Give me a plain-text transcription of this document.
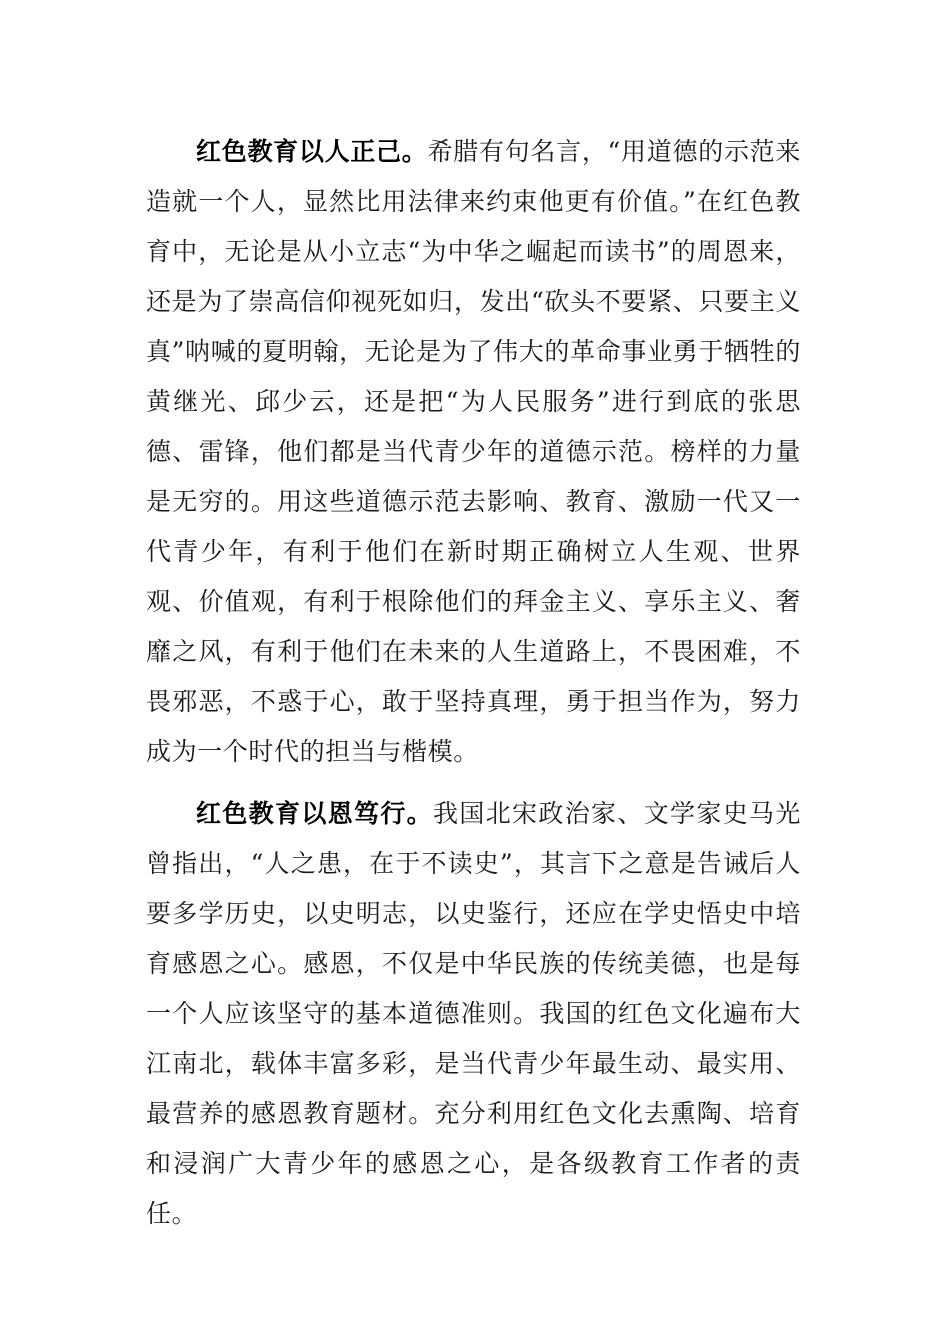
红色教育以人正己。希腊有句名言，“用道德的示范来造就一个人，显然比用法律来约束他更有价值。”在红色教育中，无论是从小立志“为中华之崛起而读书”的周恩来，还是为了崇高信仰视死如归，发出“砍头不要紧、只要主义真”呐喊的夏明翰，无论是为了伟大的革命事业勇于牺牲的黄继光、邱少云，还是把“为人民服务”进行到底的张思德、雷锋，他们都是当代青少年的道德示范。榜样的力量是无穷的。用这些道德示范去影响、教育、激励一代又一代青少年，有利于他们在新时期正确树立人生观、世界观、价值观，有利于根除他们的拜金主义、享乐主义、奢靡之风，有利于他们在未来的人生道路上，不畏困难，不畏邪恶，不惑于心，敢于坚持真理，勇于担当作为，努力成为一个时代的担当与楷模。

红色教育以恩笃行。我国北宋政治家、文学家史马光曾指出，“人之患，在于不读史”，其言下之意是告诫后人要多学历史，以史明志，以史鉴行，还应在学史悟史中培育感恩之心。感恩，不仅是中华民族的传统美德，也是每一个人应该坚守的基本道德准则。我国的红色文化遍布大江南北，载体丰富多彩，是当代青少年最生动、最实用、最营养的感恩教育题材。充分利用红色文化去熏陶、培育和浸润广大青少年的感恩之心，是各级教育工作者的责任。
